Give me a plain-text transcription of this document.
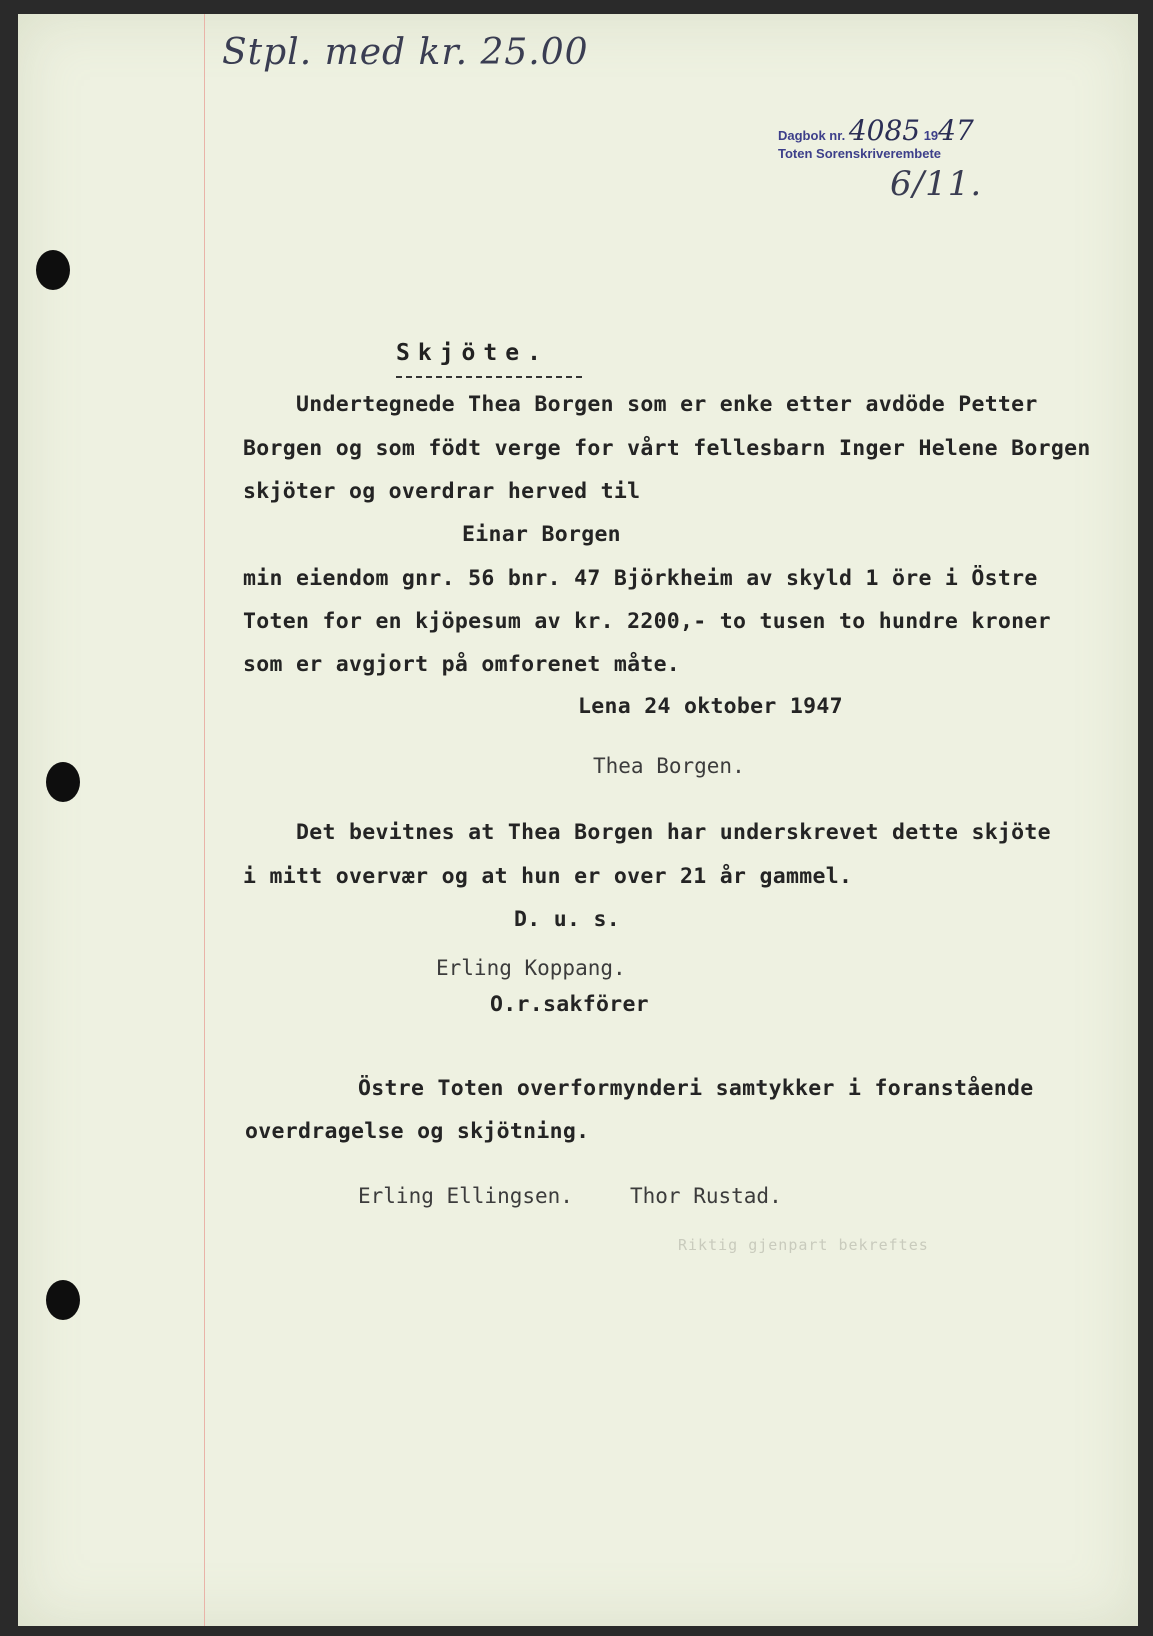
Stpl. med kr. 25.00
Dagbok nr. 4085 1947
Toten Sorenskriverembete
6/11.
Skjöte.
Undertegnede Thea Borgen som er enke etter avdöde Petter
Borgen og som födt verge for vårt fellesbarn Inger Helene Borgen
skjöter og overdrar herved til
Einar Borgen
min eiendom gnr. 56 bnr. 47 Björkheim av skyld 1 öre i Östre
Toten for en kjöpesum av kr. 2200,- to tusen to hundre kroner
som er avgjort på omforenet måte.
Lena 24 oktober 1947
Thea Borgen.
Det bevitnes at Thea Borgen har underskrevet dette skjöte
i mitt overvær og at hun er over 21 år gammel.
D. u. s.
Erling Koppang.
O.r.sakförer
Östre Toten overformynderi samtykker i foranstående
overdragelse og skjötning.
Erling Ellingsen.	Thor Rustad.
Riktig gjenpart bekreftes
